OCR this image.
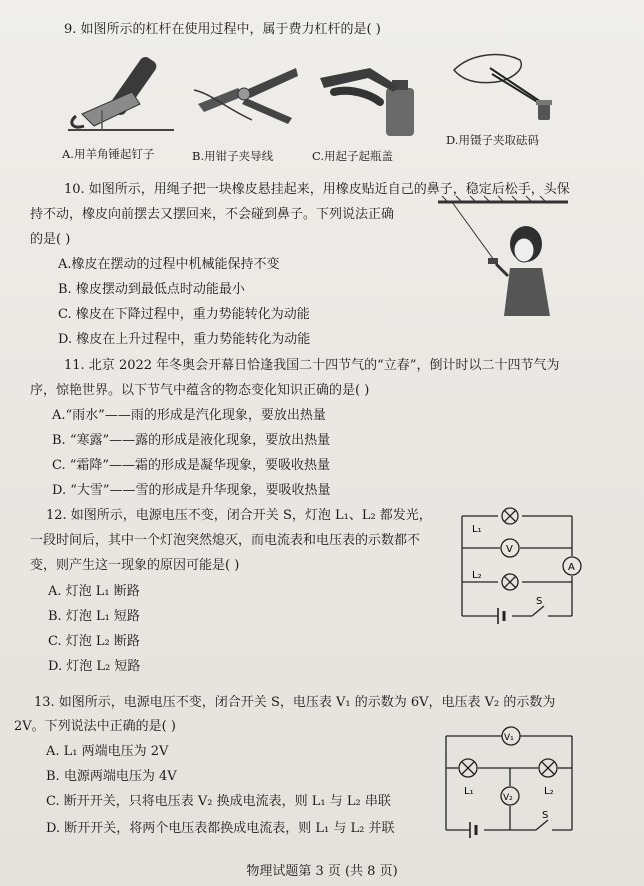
9. 如图所示的杠杆在使用过程中，属于费力杠杆的是( )
A.用羊角锤起钉子	B.用钳子夹导线	C.用起子起瓶盖
D.用镊子夹取砝码
10. 如图所示，用绳子把一块橡皮悬挂起来，用橡皮贴近自己的鼻子，稳定后松手，头保
持不动，橡皮向前摆去又摆回来，不会碰到鼻子。下列说法正确
的是( )
A.橡皮在摆动的过程中机械能保持不变
B. 橡皮摆动到最低点时动能最小
C. 橡皮在下降过程中，重力势能转化为动能
D. 橡皮在上升过程中，重力势能转化为动能
11. 北京 2022 年冬奥会开幕日恰逢我国二十四节气的“立春”，倒计时以二十四节气为
序，惊艳世界。以下节气中蕴含的物态变化知识正确的是( )
A.“雨水”——雨的形成是汽化现象，要放出热量
B. “寒露”——露的形成是液化现象，要放出热量
C. “霜降”——霜的形成是凝华现象，要吸收热量
D. “大雪”——雪的形成是升华现象，要吸收热量
12. 如图所示，电源电压不变，闭合开关 S，灯泡 L₁、L₂ 都发光，
一段时间后，其中一个灯泡突然熄灭，而电流表和电压表的示数都不
变，则产生这一现象的原因可能是( )
A. 灯泡 L₁ 断路
B. 灯泡 L₁ 短路
C. 灯泡 L₂ 断路
D. 灯泡 L₂ 短路
L₁
L₂
V
A
S
13. 如图所示，电源电压不变，闭合开关 S，电压表 V₁ 的示数为 6V，电压表 V₂ 的示数为
2V。下列说法中正确的是( )
A. L₁ 两端电压为 2V
B. 电源两端电压为 4V
C. 断开开关，只将电压表 V₂ 换成电流表，则 L₁ 与 L₂ 串联
D. 断开开关，将两个电压表都换成电流表，则 L₁ 与 L₂ 并联
V₁
V₂
L₁	L₂
S
物理试题第 3 页 (共 8 页)
